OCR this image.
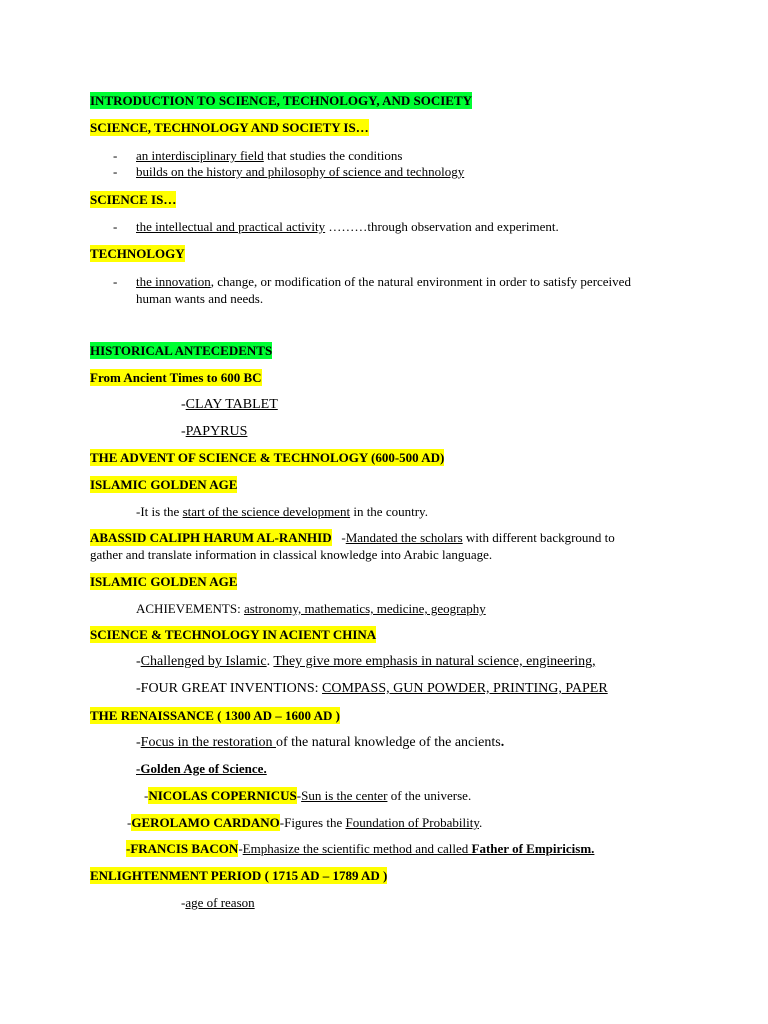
INTRODUCTION TO SCIENCE, TECHNOLOGY, AND SOCIETY
SCIENCE, TECHNOLOGY AND SOCIETY IS…
- an interdisciplinary field that studies the conditions
- builds on the history and philosophy of science and technology
SCIENCE IS…
- the intellectual and practical activity ………through observation and experiment.
TECHNOLOGY
- the innovation, change, or modification of the natural environment in order to satisfy perceived
human wants and needs.
HISTORICAL ANTECEDENTS
From Ancient Times to 600 BC
-CLAY TABLET
-PAPYRUS
THE ADVENT OF SCIENCE & TECHNOLOGY (600-500 AD)
ISLAMIC GOLDEN AGE
-It is the start of the science development in the country.
ABASSID CALIPH HARUM AL-RANHID   -Mandated the scholars with different background to
gather and translate information in classical knowledge into Arabic language.
ISLAMIC GOLDEN AGE
ACHIEVEMENTS: astronomy, mathematics, medicine, geography
SCIENCE & TECHNOLOGY IN ACIENT CHINA
-Challenged by Islamic. They give more emphasis in natural science, engineering,
-FOUR GREAT INVENTIONS: COMPASS, GUN POWDER, PRINTING, PAPER
THE RENAISSANCE ( 1300 AD – 1600 AD )
-Focus in the restoration of the natural knowledge of the ancients.
-Golden Age of Science.
-NICOLAS COPERNICUS-Sun is the center of the universe.
-GEROLAMO CARDANO-Figures the Foundation of Probability.
-FRANCIS BACON-Emphasize the scientific method and called Father of Empiricism.
ENLIGHTENMENT PERIOD ( 1715 AD – 1789 AD )
-age of reason
